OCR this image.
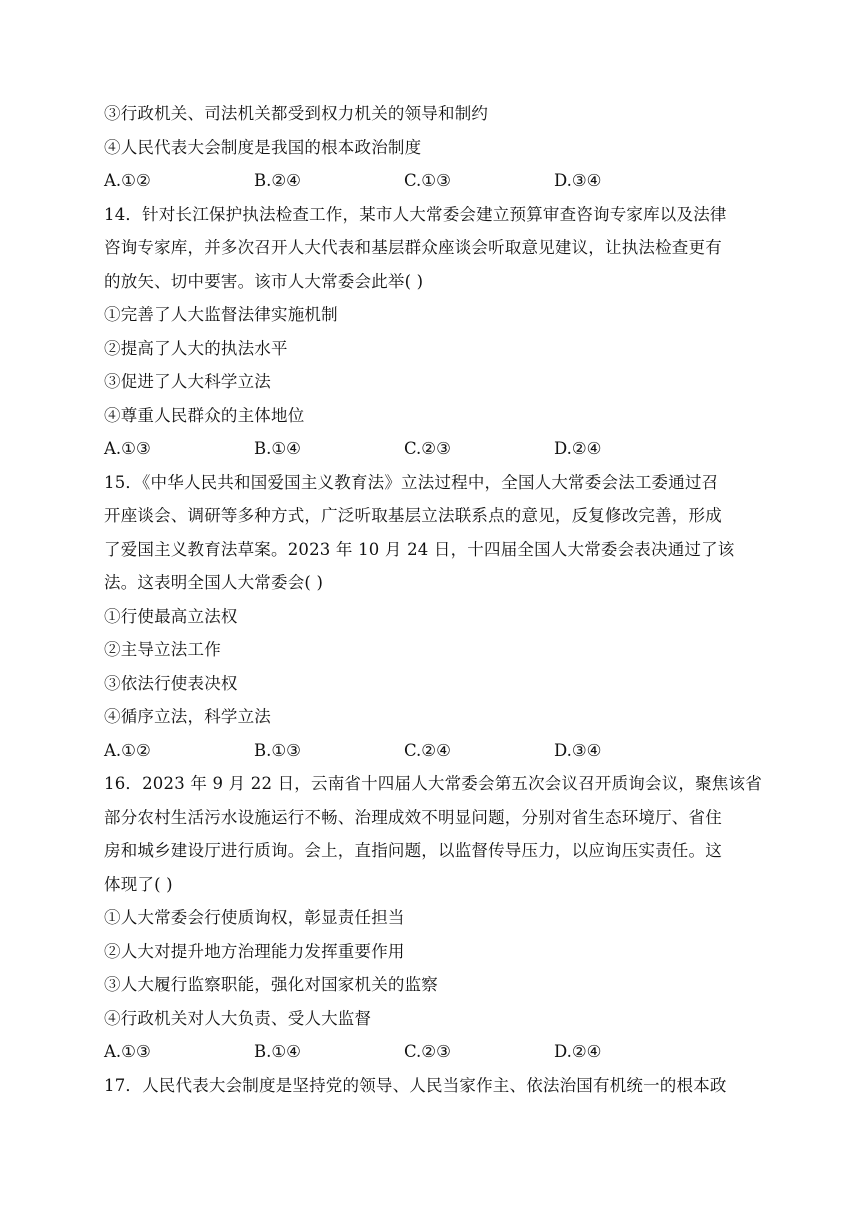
③行政机关、司法机关都受到权力机关的领导和制约
④人民代表大会制度是我国的根本政治制度
A.①②	B.②④	C.①③	D.③④
14．针对长江保护执法检查工作，某市人大常委会建立预算审查咨询专家库以及法律
咨询专家库，并多次召开人大代表和基层群众座谈会听取意见建议，让执法检查更有
的放矢、切中要害。该市人大常委会此举( )
①完善了人大监督法律实施机制
②提高了人大的执法水平
③促进了人大科学立法
④尊重人民群众的主体地位
A.①③	B.①④	C.②③	D.②④
15．《中华人民共和国爱国主义教育法》立法过程中，全国人大常委会法工委通过召
开座谈会、调研等多种方式，广泛听取基层立法联系点的意见，反复修改完善，形成
了爱国主义教育法草案。2023 年 10 月 24 日，十四届全国人大常委会表决通过了该
法。这表明全国人大常委会( )
①行使最高立法权
②主导立法工作
③依法行使表决权
④循序立法，科学立法
A.①②	B.①③	C.②④	D.③④
16．2023 年 9 月 22 日，云南省十四届人大常委会第五次会议召开质询会议，聚焦该省
部分农村生活污水设施运行不畅、治理成效不明显问题，分别对省生态环境厅、省住
房和城乡建设厅进行质询。会上，直指问题，以监督传导压力，以应询压实责任。这
体现了( )
①人大常委会行使质询权，彰显责任担当
②人大对提升地方治理能力发挥重要作用
③人大履行监察职能，强化对国家机关的监察
④行政机关对人大负责、受人大监督
A.①③	B.①④	C.②③	D.②④
17．人民代表大会制度是坚持党的领导、人民当家作主、依法治国有机统一的根本政
